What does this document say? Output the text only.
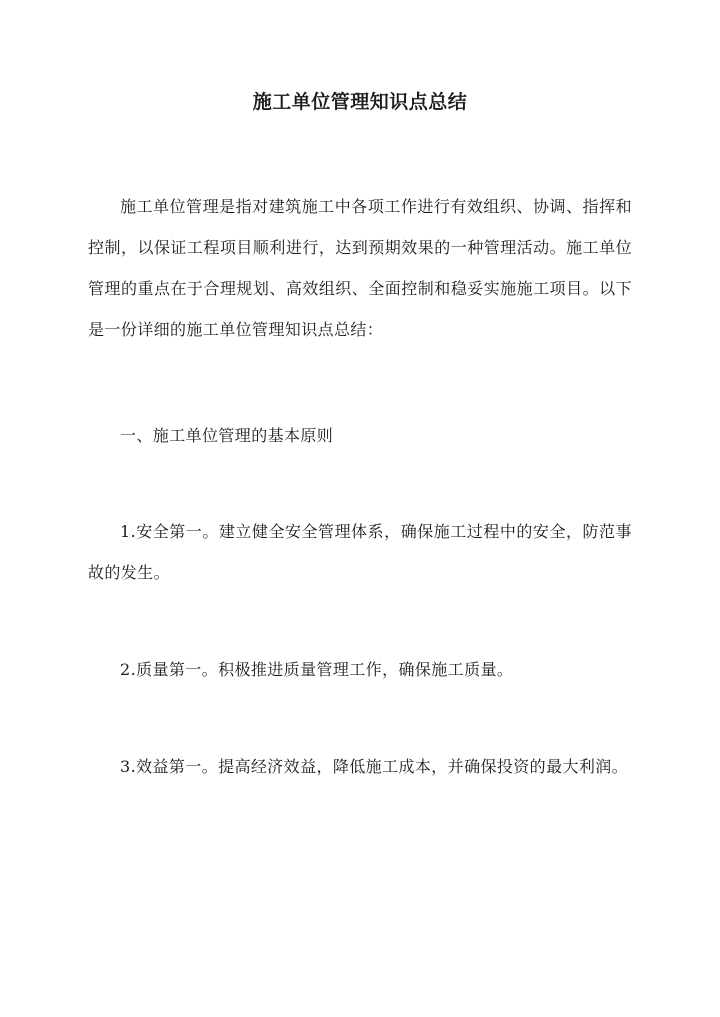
施工单位管理知识点总结

施工单位管理是指对建筑施工中各项工作进行有效组织、协调、指挥和控制，以保证工程项目顺利进行，达到预期效果的一种管理活动。施工单位管理的重点在于合理规划、高效组织、全面控制和稳妥实施施工项目。以下是一份详细的施工单位管理知识点总结：

一、施工单位管理的基本原则

1.安全第一。建立健全安全管理体系，确保施工过程中的安全，防范事故的发生。

2.质量第一。积极推进质量管理工作，确保施工质量。

3.效益第一。提高经济效益，降低施工成本，并确保投资的最大利润。
